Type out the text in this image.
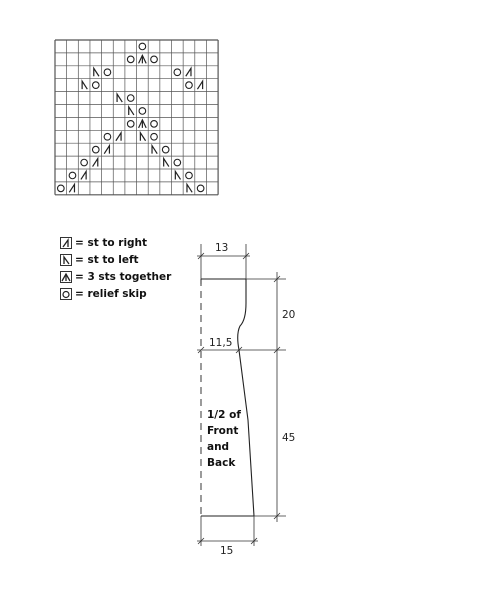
= st to right
= st to left
= 3 sts together
= relief skip
13
11,5
20
45
15
1/2 of
Front
and
Back
